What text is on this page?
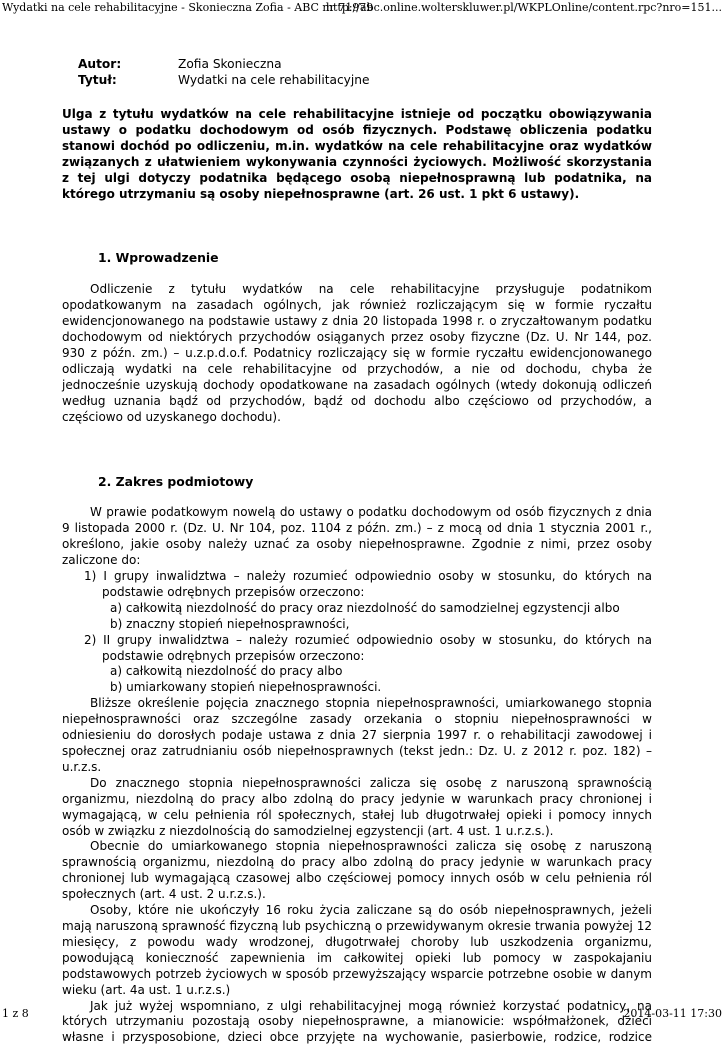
Wydatki na cele rehabilitacyjne - Skonieczna Zofia - ABC nr 71979
http://abc.online.wolterskluwer.pl/WKPLOnline/content.rpc?nro=151...
Autor:	Zofia Skonieczna
Tytuł:	Wydatki na cele rehabilitacyjne

Ulga z tytułu wydatków na cele rehabilitacyjne istnieje od początku obowiązywania ustawy o podatku dochodowym od osób fizycznych. Podstawę obliczenia podatku stanowi dochód po odliczeniu, m.in. wydatków na cele rehabilitacyjne oraz wydatków związanych z ułatwieniem wykonywania czynności życiowych. Możliwość skorzystania z tej ulgi dotyczy podatnika będącego osobą niepełnosprawną lub podatnika, na którego utrzymaniu są osoby niepełnosprawne (art. 26 ust. 1 pkt 6 ustawy).

1. Wprowadzenie

Odliczenie z tytułu wydatków na cele rehabilitacyjne przysługuje podatnikom opodatkowanym na zasadach ogólnych, jak również rozliczającym się w formie ryczałtu ewidencjonowanego na podstawie ustawy z dnia 20 listopada 1998 r. o zryczałtowanym podatku dochodowym od niektórych przychodów osiąganych przez osoby fizyczne (Dz. U. Nr 144, poz. 930 z późn. zm.) – u.z.p.d.o.f. Podatnicy rozliczający się w formie ryczałtu ewidencjonowanego odliczają wydatki na cele rehabilitacyjne od przychodów, a nie od dochodu, chyba że jednocześnie uzyskują dochody opodatkowane na zasadach ogólnych (wtedy dokonują odliczeń według uznania bądź od przychodów, bądź od dochodu albo częściowo od przychodów, a częściowo od uzyskanego dochodu).

2. Zakres podmiotowy

W prawie podatkowym nowelą do ustawy o podatku dochodowym od osób fizycznych z dnia 9 listopada 2000 r. (Dz. U. Nr 104, poz. 1104 z późn. zm.) – z mocą od dnia 1 stycznia 2001 r., określono, jakie osoby należy uznać za osoby niepełnosprawne. Zgodnie z nimi, przez osoby zaliczone do:

1) I grupy inwalidztwa – należy rozumieć odpowiednio osoby w stosunku, do których na podstawie odrębnych przepisów orzeczono:

a) całkowitą niezdolność do pracy oraz niezdolność do samodzielnej egzystencji albo

b) znaczny stopień niepełnosprawności,

2) II grupy inwalidztwa – należy rozumieć odpowiednio osoby w stosunku, do których na podstawie odrębnych przepisów orzeczono:

a) całkowitą niezdolność do pracy albo

b) umiarkowany stopień niepełnosprawności.

Bliższe określenie pojęcia znacznego stopnia niepełnosprawności, umiarkowanego stopnia niepełnosprawności oraz szczególne zasady orzekania o stopniu niepełnosprawności w odniesieniu do dorosłych podaje ustawa z dnia 27 sierpnia 1997 r. o rehabilitacji zawodowej i społecznej oraz zatrudnianiu osób niepełnosprawnych (tekst jedn.: Dz. U. z 2012 r. poz. 182) – u.r.z.s.

Do znacznego stopnia niepełnosprawności zalicza się osobę z naruszoną sprawnością organizmu, niezdolną do pracy albo zdolną do pracy jedynie w warunkach pracy chronionej i wymagającą, w celu pełnienia ról społecznych, stałej lub długotrwałej opieki i pomocy innych osób w związku z niezdolnością do samodzielnej egzystencji (art. 4 ust. 1 u.r.z.s.).

Obecnie do umiarkowanego stopnia niepełnosprawności zalicza się osobę z naruszoną sprawnością organizmu, niezdolną do pracy albo zdolną do pracy jedynie w warunkach pracy chronionej lub wymagającą czasowej albo częściowej pomocy innych osób w celu pełnienia ról społecznych (art. 4 ust. 2 u.r.z.s.).

Osoby, które nie ukończyły 16 roku życia zaliczane są do osób niepełnosprawnych, jeżeli mają naruszoną sprawność fizyczną lub psychiczną o przewidywanym okresie trwania powyżej 12 miesięcy, z powodu wady wrodzonej, długotrwałej choroby lub uszkodzenia organizmu, powodującą konieczność zapewnienia im całkowitej opieki lub pomocy w zaspokajaniu podstawowych potrzeb życiowych w sposób przewyższający wsparcie potrzebne osobie w danym wieku (art. 4a ust. 1 u.r.z.s.)

Jak już wyżej wspomniano, z ulgi rehabilitacyjnej mogą również korzystać podatnicy, na których utrzymaniu pozostają osoby niepełnosprawne, a mianowicie: współmałżonek, dzieci własne i przysposobione, dzieci obce przyjęte na wychowanie, pasierbowie, rodzice, rodzice

1 z 8	2014-03-11 17:30
